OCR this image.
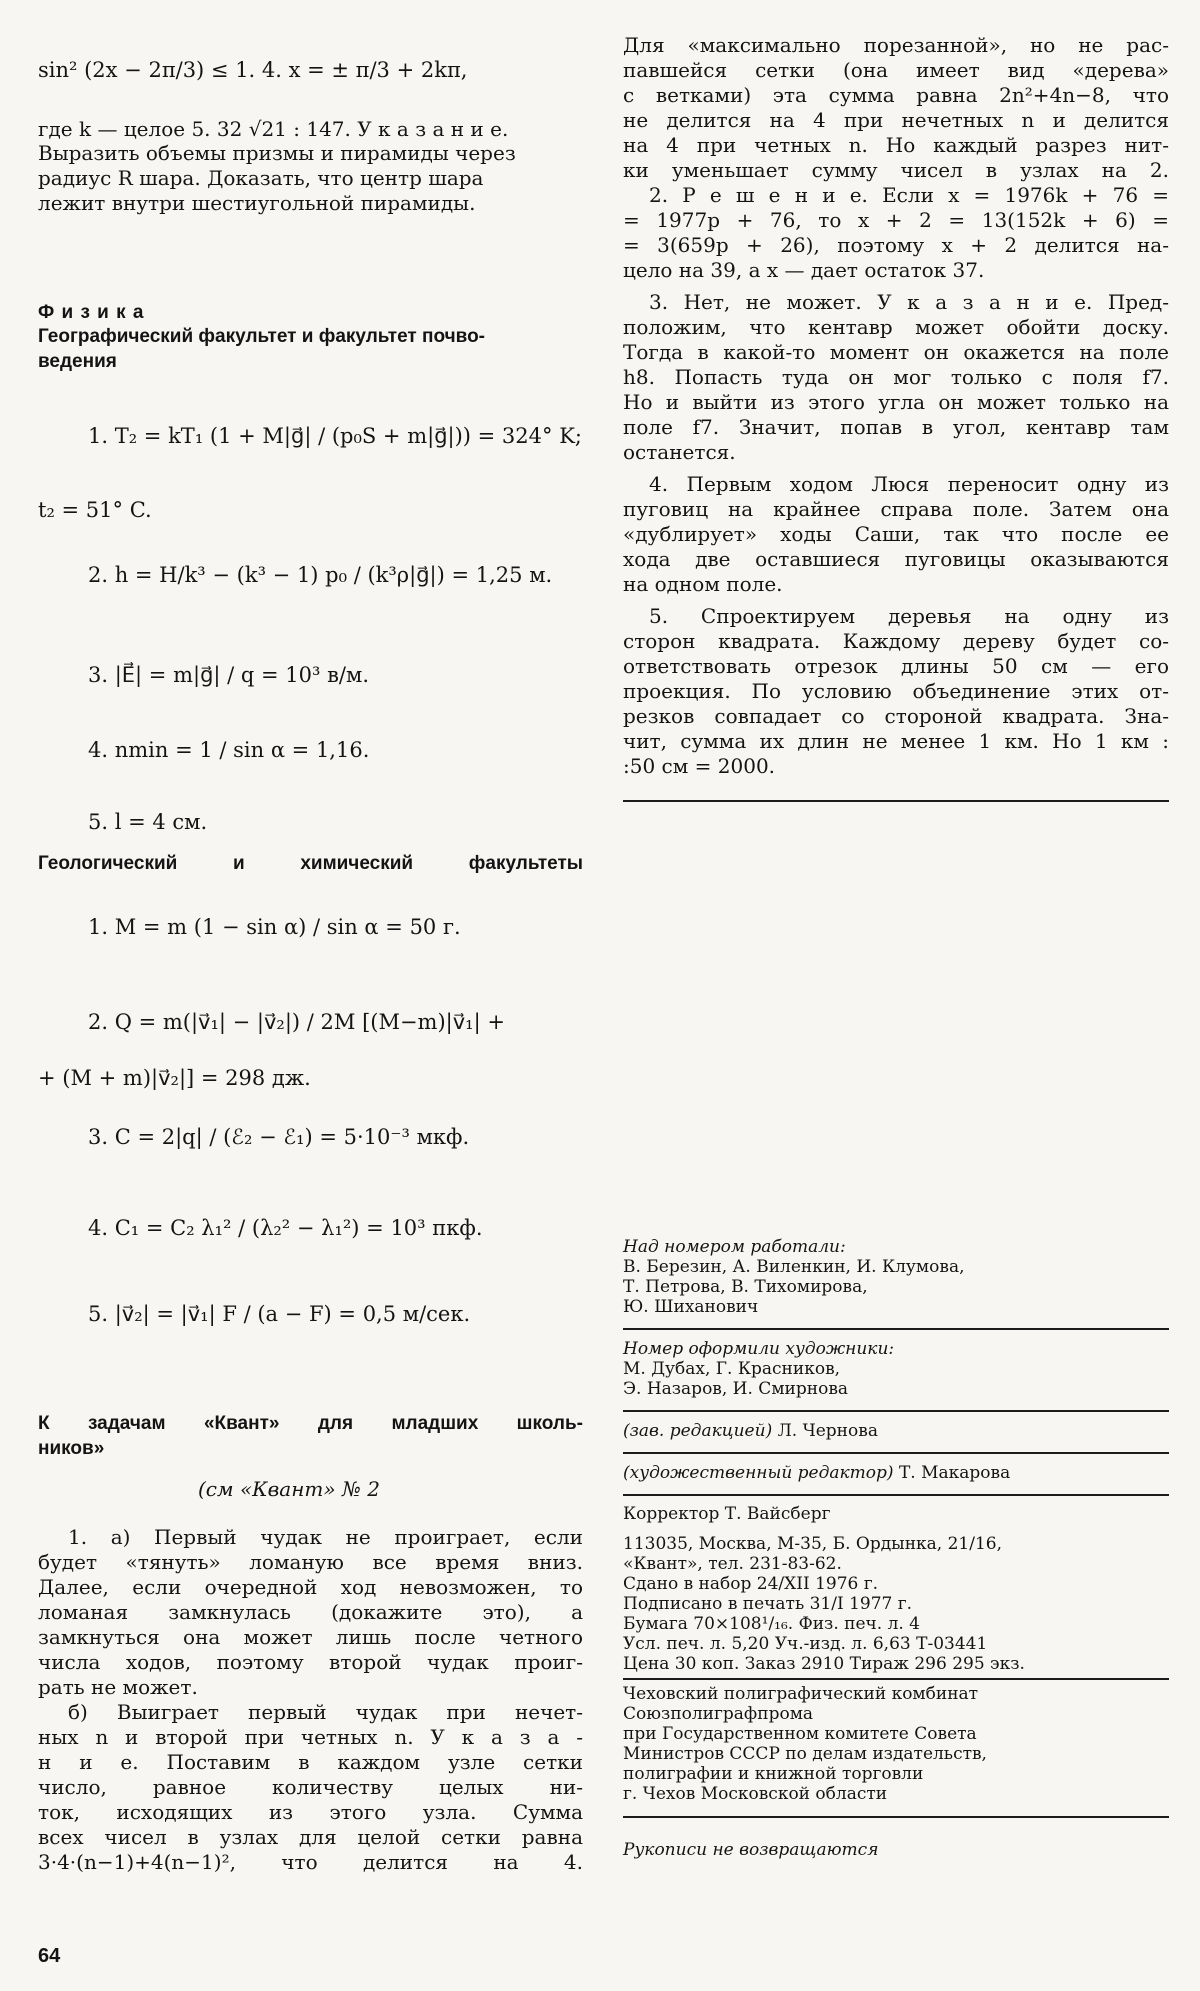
sin² (2x − 2π/3) ≤ 1. 4. x = ± π/3 + 2kπ,
где k — целое 5. 32 √21 : 147. У к а з а н и е.
Выразить объемы призмы и пирамиды через
радиус R шара. Доказать, что центр шара
лежит внутри шестиугольной пирамиды.
Ф и з и к а
Географический факультет и факультет почво-
ведения
1. T₂ = kT₁ (1 + M|g⃗| / (p₀S + m|g⃗|)) = 324° K;
t₂ = 51° C.
2. h = H/k³ − (k³ − 1) p₀ / (k³ρ|g⃗|) = 1,25 м.
3. |E⃗| = m|g⃗| / q = 10³ в/м.
4. nmin = 1 / sin α = 1,16.
5. l = 4 см.
Геологический и химический факультеты
1. M = m (1 − sin α) / sin α = 50 г.
2. Q = m(|v⃗₁| − |v⃗₂|) / 2M [(M−m)|v⃗₁| +
+ (M + m)|v⃗₂|] = 298 дж.
3. C = 2|q| / (ℰ₂ − ℰ₁) = 5·10⁻³ мкф.
4. C₁ = C₂ λ₁² / (λ₂² − λ₁²) = 10³ пкф.
5. |v⃗₂| = |v⃗₁| F / (a − F) = 0,5 м/сек.
К задачам «Квант» для младших школь-
ников»
(см «Квант» № 2
1. а) Первый чудак не проиграет, если
будет «тянуть» ломаную все время вниз.
Далее, если очередной ход невозможен, то
ломаная замкнулась (докажите это), а
замкнуться она может лишь после четного
числа ходов, поэтому второй чудак проиг-
рать не может.
б) Выиграет первый чудак при нечет-
ных n и второй при четных n. У к а з а -
н и е. Поставим в каждом узле сетки
число, равное количеству целых ни-
ток, исходящих из этого узла. Сумма
всех чисел в узлах для целой сетки равна
3·4·(n−1)+4(n−1)², что делится на 4.
64
Для «максимально порезанной», но не рас-
павшейся сетки (она имеет вид «дерева»
с ветками) эта сумма равна 2n²+4n−8, что
не делится на 4 при нечетных n и делится
на 4 при четных n. Но каждый разрез нит-
ки уменьшает сумму чисел в узлах на 2.
2. Р е ш е н и е. Если x = 1976k + 76 =
= 1977p + 76, то x + 2 = 13(152k + 6) =
= 3(659p + 26), поэтому x + 2 делится на-
цело на 39, а x — дает остаток 37.
3. Нет, не может. У к а з а н и е. Пред-
положим, что кентавр может обойти доску.
Тогда в какой-то момент он окажется на поле
h8. Попасть туда он мог только с поля f7.
Но и выйти из этого угла он может только на
поле f7. Значит, попав в угол, кентавр там
останется.
4. Первым ходом Люся переносит одну из
пуговиц на крайнее справа поле. Затем она
«дублирует» ходы Саши, так что после ее
хода две оставшиеся пуговицы оказываются
на одном поле.
5. Спроектируем деревья на одну из
сторон квадрата. Каждому дереву будет со-
ответствовать отрезок длины 50 см — его
проекция. По условию объединение этих от-
резков совпадает со стороной квадрата. Зна-
чит, сумма их длин не менее 1 км. Но 1 км :
:50 см = 2000.
Над номером работали:
В. Березин, А. Виленкин, И. Клумова,
Т. Петрова, В. Тихомирова,
Ю. Шиханович
Номер оформили художники:
М. Дубах, Г. Красников,
Э. Назаров, И. Смирнова
(зав. редакцией) Л. Чернова
(художественный редактор) Т. Макарова
Корректор Т. Вайсберг
113035, Москва, М-35, Б. Ордынка, 21/16,
«Квант», тел. 231-83-62.
Сдано в набор 24/XII 1976 г.
Подписано в печать 31/I 1977 г.
Бумага 70×108¹/₁₆. Физ. печ. л. 4
Усл. печ. л. 5,20 Уч.-изд. л. 6,63 Т-03441
Цена 30 коп. Заказ 2910 Тираж 296 295 экз.
Чеховский полиграфический комбинат
Союзполиграфпрома
при Государственном комитете Совета
Министров СССР по делам издательств,
полиграфии и книжной торговли
г. Чехов Московской области
Рукописи не возвращаются
